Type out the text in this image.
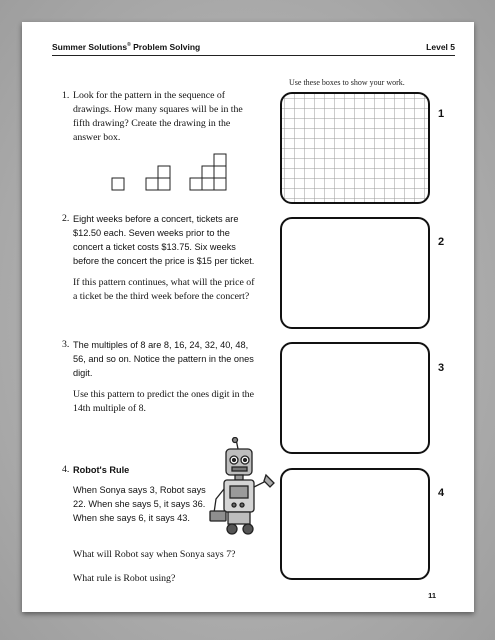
Summer Solutions® Problem Solving	Level 5
Use these boxes to show your work.
1
2
3
4
1. Look for the pattern in the sequence of drawings. How many squares will be in the fifth drawing? Create the drawing in the answer box.

2. Eight weeks before a concert, tickets are $12.50 each. Seven weeks prior to the concert a ticket costs $13.75. Six weeks before the concert the price is $15 per ticket.

If this pattern continues, what will the price of a ticket be the third week before the concert?

3. The multiples of 8 are 8, 16, 24, 32, 40, 48, 56, and so on. Notice the pattern in the ones digit.

Use this pattern to predict the ones digit in the 14th multiple of 8.

4. Robot's Rule

When Sonya says 3, Robot says 22. When she says 5, it says 36. When she says 6, it says 43.

What will Robot say when Sonya says 7?

What rule is Robot using?

11
